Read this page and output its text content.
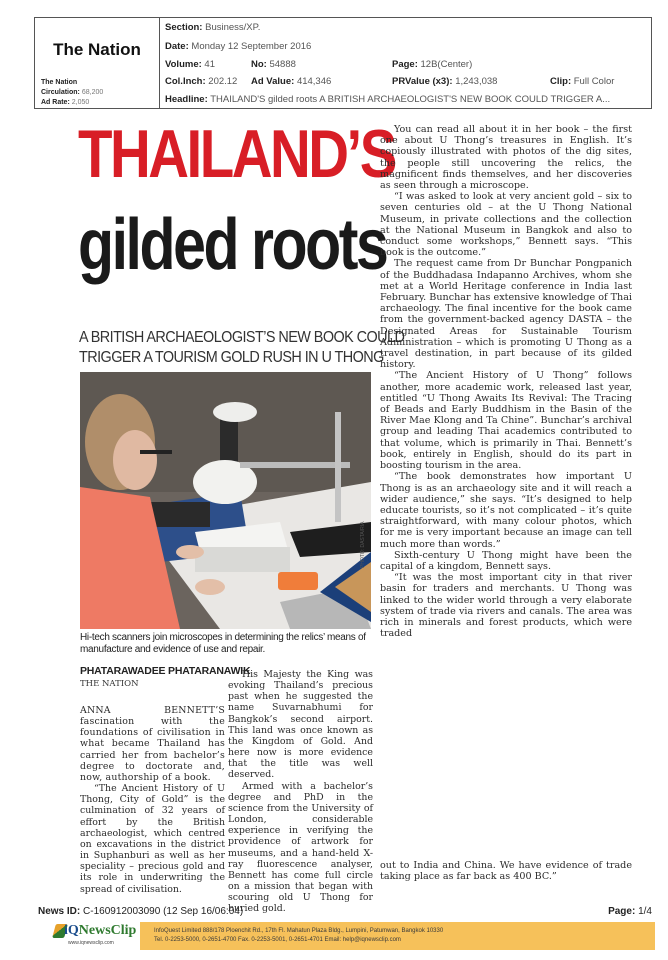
The Nation
The Nation
Circulation: 68,200
Ad Rate: 2,050
Section: Business/XP.
Date: Monday 12 September 2016
Volume: 41	No: 54888	Page: 12B(Center)
Col.Inch: 202.12 Ad Value: 414,346	PRValue (x3): 1,243,038	Clip: Full Color
Headline: THAILAND'S gilded roots A BRITISH ARCHAEOLOGIST'S NEW BOOK COULD TRIGGER A...
THAILAND’S
gilded roots
A BRITISH ARCHAEOLOGIST’S NEW BOOK COULD
TRIGGER A TOURISM GOLD RUSH IN U THONG
PHOTO: DASTA/RIA
Hi-tech scanners join microscopes in determining the relics’ means of manufacture and evidence of use and repair.
PHATARAWADEE PHATARANAWIK
THE NATION

ANNA BENNETT’S fascination with the foundations of civilisation in what became Thailand has carried her from bachelor’s degree to doctorate and, now, authorship of a book.

“The Ancient History of U Thong, City of Gold” is the culmination of 32 years of effort by the British archaeologist, which centred on excavations in the district in Suphanburi as well as her speciality – precious gold and its role in underwriting the spread of civilisation.

His Majesty the King was evoking Thailand’s precious past when he suggested the name Suvarnabhumi for Bangkok’s second airport. This land was once known as the Kingdom of Gold. And here now is more evidence that the title was well deserved.

Armed with a bachelor’s degree and PhD in the science from the University of London, considerable experience in verifying the providence of artwork for museums, and a hand-held X-ray fluorescence analyser, Bennett has come full circle on a mission that began with scouring old U Thong for buried gold.

You can read all about it in her book – the first one about U Thong’s treasures in English. It’s copiously illustrated with photos of the dig sites, the people still uncovering the relics, the magnificent finds themselves, and her discoveries as seen through a microscope.

“I was asked to look at very ancient gold – six to seven centuries old – at the U Thong National Museum, in private collections and the collection at the National Museum in Bangkok and also to conduct some workshops,” Bennett says. “This book is the outcome.”

The request came from Dr Bunchar Pongpanich of the Buddhadasa Indapanno Archives, whom she met at a World Heritage conference in India last February. Bunchar has extensive knowledge of Thai archaeology. The final incentive for the book came from the government-backed agency DASTA – the Designated Areas for Sustainable Tourism Administration – which is promoting U Thong as a travel destination, in part because of its gilded history.

“The Ancient History of U Thong” follows another, more academic work, released last year, entitled “U Thong Awaits Its Revival: The Tracing of Beads and Early Buddhism in the Basin of the River Mae Klong and Ta Chine”. Bunchar’s archival group and leading Thai academics contributed to that volume, which is primarily in Thai. Bennett’s book, entirely in English, should do its part in boosting tourism in the area.

“The book demonstrates how important U Thong is as an archaeology site and it will reach a wider audience,” she says. “It’s designed to help educate tourists, so it’s not complicated – it’s quite straightforward, with many colour photos, which for me is very important because an image can tell much more than words.”

Sixth-century U Thong might have been the capital of a kingdom, Bennett says.

“It was the most important city in that river basin for traders and merchants. U Thong was linked to the wider world through a very elaborate system of trade via rivers and canals. The area was rich in minerals and forest products, which were traded

out to India and China. We have evidence of trade taking place as far back as 400 BC.”

News ID: C-160912003090 (12 Sep 16/06:04)	Page: 1/4
iQNewsClip
www.iqnewsclip.com
InfoQuest Limited 888/178 Ploenchit Rd., 17th Fl. Mahatun Plaza Bldg., Lumpini, Patumwan, Bangkok 10330
Tel. 0-2253-5000, 0-2651-4700 Fax. 0-2253-5001, 0-2651-4701 Email: help@iqnewsclip.com
